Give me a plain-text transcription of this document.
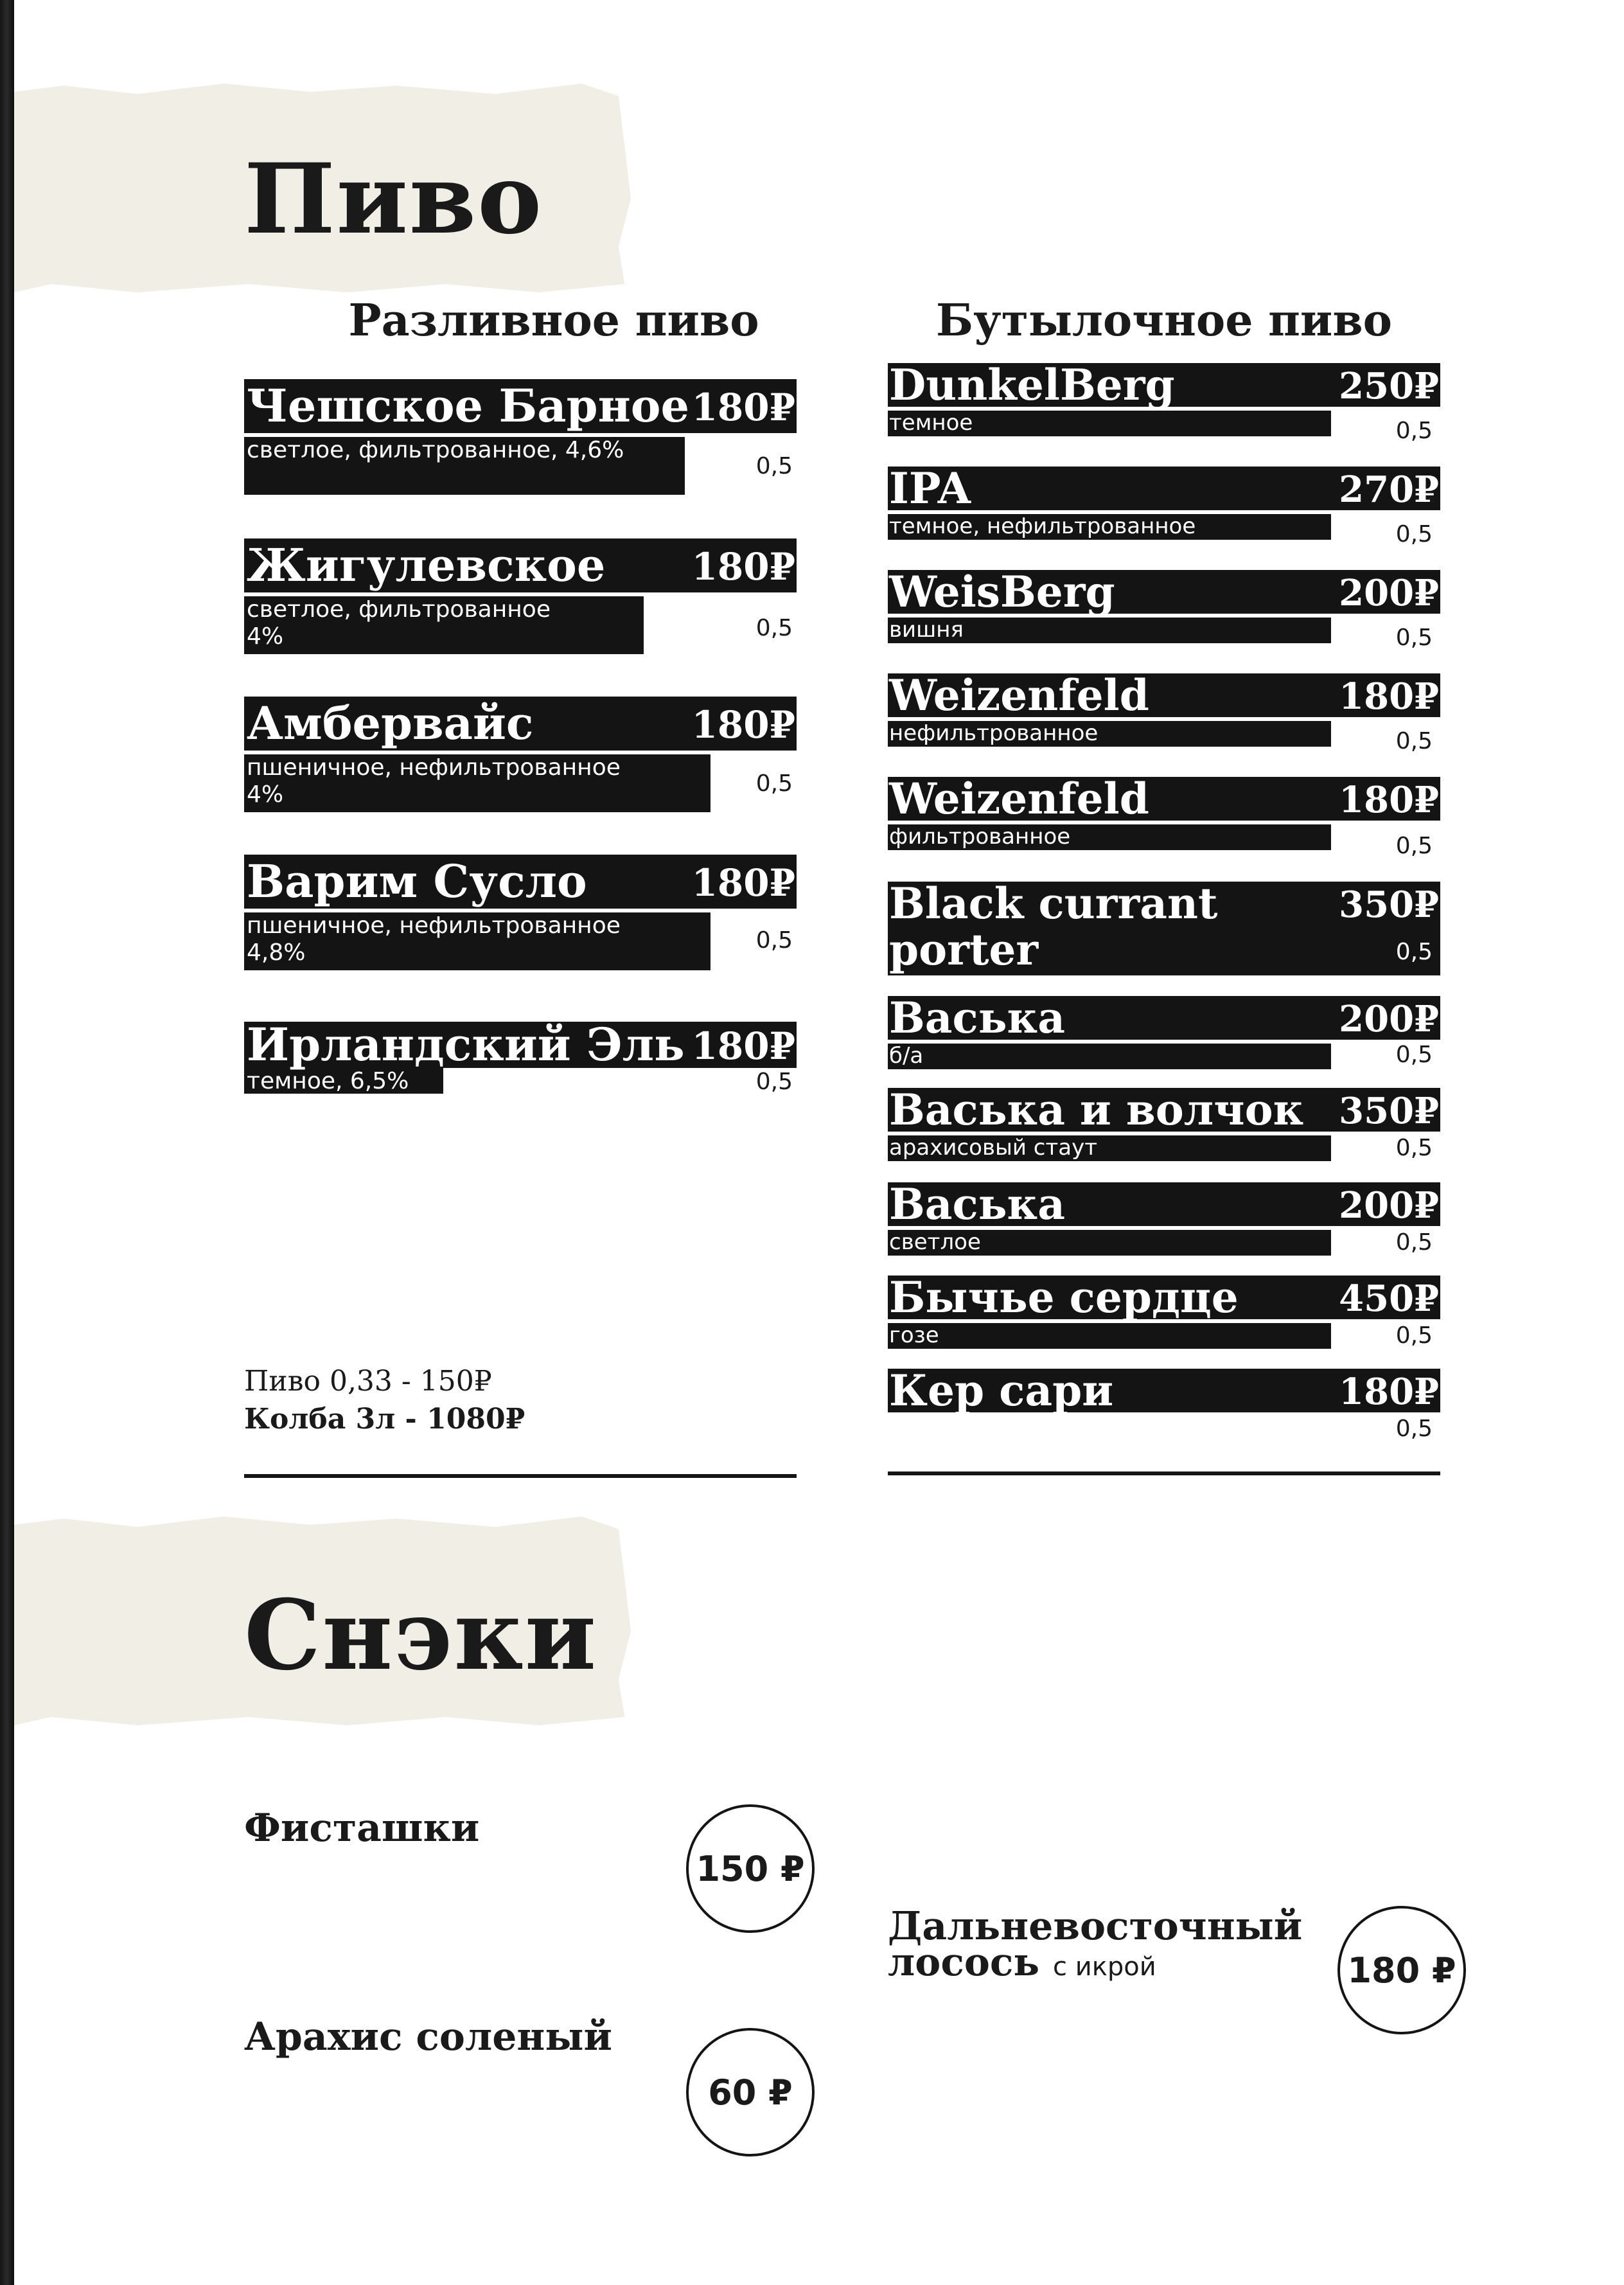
Пиво
Разливное пиво	Бутылочное пиво
Чешское Барное 180₽
светлое, фильтрованное, 4,6%
0,5
Жигулевское 180₽
светлое, фильтрованное
4%	0,5
Амбервайс	180₽
пшеничное, нефильтрованное
4%	0,5
Варим Сусло	180₽
пшеничное, нефильтрованное
4,8%	0,5
Ирландский Эль 180₽
темное, 6,5%	0,5

Пиво 0,33 - 150₽
Колба 3л - 1080₽

DunkelBerg	250₽
темное	0,5
IPA	270₽
темное, нефильтрованное	0,5
WeisBerg	200₽
вишня	0,5
Weizenfeld	180₽
нефильтрованное	0,5
Weizenfeld	180₽
фильтрованное	0,5
Black currant
porter
350₽
0,5
Васька	200₽
б/а	0,5
Васька и волчок 350₽
арахисовый стаут	0,5
Васька	200₽
светлое	0,5
Бычье сердце	450₽
гозе	0,5
Кер сари	180₽
0,5
Снэки

Фисташки

150 ₽

Арахис соленый

60 ₽

Дальневосточный

лосось с икрой	180 ₽
